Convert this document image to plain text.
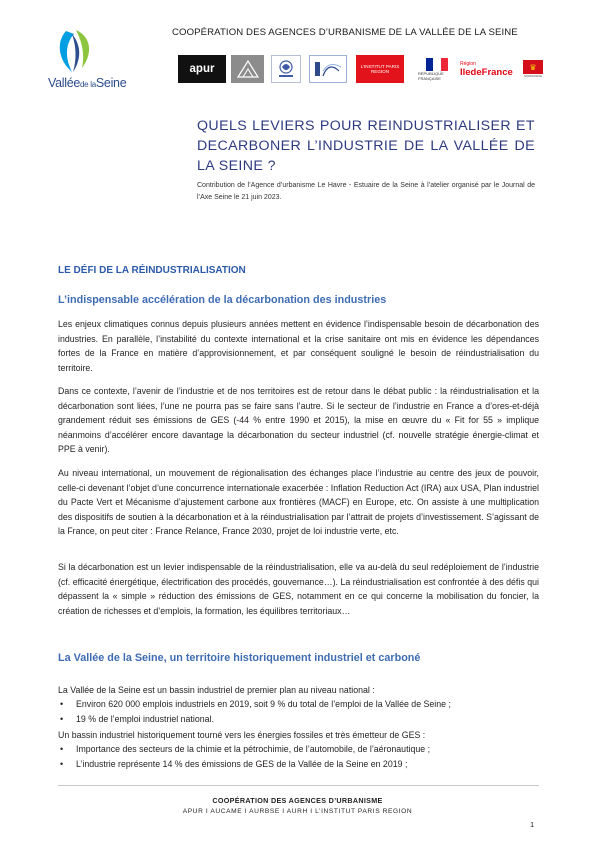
COOPÉRATION DES AGENCES D’URBANISME DE LA VALLÉE DE LA SEINE
Valléede laSeine
apur	L’INSTITUT PARIS REGION	RÉPUBLIQUE FRANÇAISE
Région
IledeFrance	♛
NORMANDIE
QUELS LEVIERS POUR REINDUSTRIALISER ET DECARBONER L’INDUSTRIE DE LA VALLÉE DE LA SEINE ?
Contribution de l’Agence d’urbanisme Le Havre - Estuaire de la Seine à l’atelier organisé par le Journal de l’Axe Seine le 21 juin 2023.
LE DÉFI DE LA RÉINDUSTRIALISATION
L’indispensable accélération de la décarbonation des industries

Les enjeux climatiques connus depuis plusieurs années mettent en évidence l’indispensable besoin de décarbonation des industries. En parallèle, l’instabilité du contexte international et la crise sanitaire ont mis en évidence les dépendances fortes de la France en matière d’approvisionnement, et par conséquent souligné le besoin de réindustrialisation du territoire.

Dans ce contexte, l’avenir de l’industrie et de nos territoires est de retour dans le débat public : la réindustrialisation et la décarbonation sont liées, l’une ne pourra pas se faire sans l’autre. Si le secteur de l’industrie en France a d’ores-et-déjà grandement réduit ses émissions de GES (-44 % entre 1990 et 2015), la mise en œuvre du « Fit for 55 » implique néanmoins d’accélérer encore davantage la décarbonation du secteur industriel (cf. nouvelle stratégie énergie-climat et PPE à venir).

Au niveau international, un mouvement de régionalisation des échanges place l’industrie au centre des jeux de pouvoir, celle-ci devenant l’objet d’une concurrence internationale exacerbée : Inflation Reduction Act (IRA) aux USA, Plan industriel du Pacte Vert et Mécanisme d’ajustement carbone aux frontières (MACF) en Europe, etc. On assiste à une multiplication des dispositifs de soutien à la décarbonation et à la réindustrialisation par l’attrait de projets d’investissement. S’agissant de la France, on peut citer : France Relance, France 2030, projet de loi industrie verte, etc.

Si la décarbonation est un levier indispensable de la réindustrialisation, elle va au-delà du seul redéploiement de l’industrie (cf. efficacité énergétique, électrification des procédés, gouvernance…). La réindustrialisation est confrontée à des défis qui dépassent la « simple » réduction des émissions de GES, notamment en ce qui concerne la mobilisation du foncier, la création de richesses et d’emplois, la formation, les équilibres territoriaux…

La Vallée de la Seine, un territoire historiquement industriel et carboné
La Vallée de la Seine est un bassin industriel de premier plan au niveau national :
• Environ 620 000 emplois industriels en 2019, soit 9 % du total de l’emploi de la Vallée de Seine ;
• 19 % de l’emploi industriel national.
Un bassin industriel historiquement tourné vers les énergies fossiles et très émetteur de GES :
• Importance des secteurs de la chimie et la pétrochimie, de l’automobile, de l’aéronautique ;
• L’industrie représente 14 % des émissions de GES de la Vallée de la Seine en 2019 ;
COOPÉRATION DES AGENCES D’URBANISME
APUR I AUCAME I AURBSE I AURH I L’INSTITUT PARIS REGION
1
